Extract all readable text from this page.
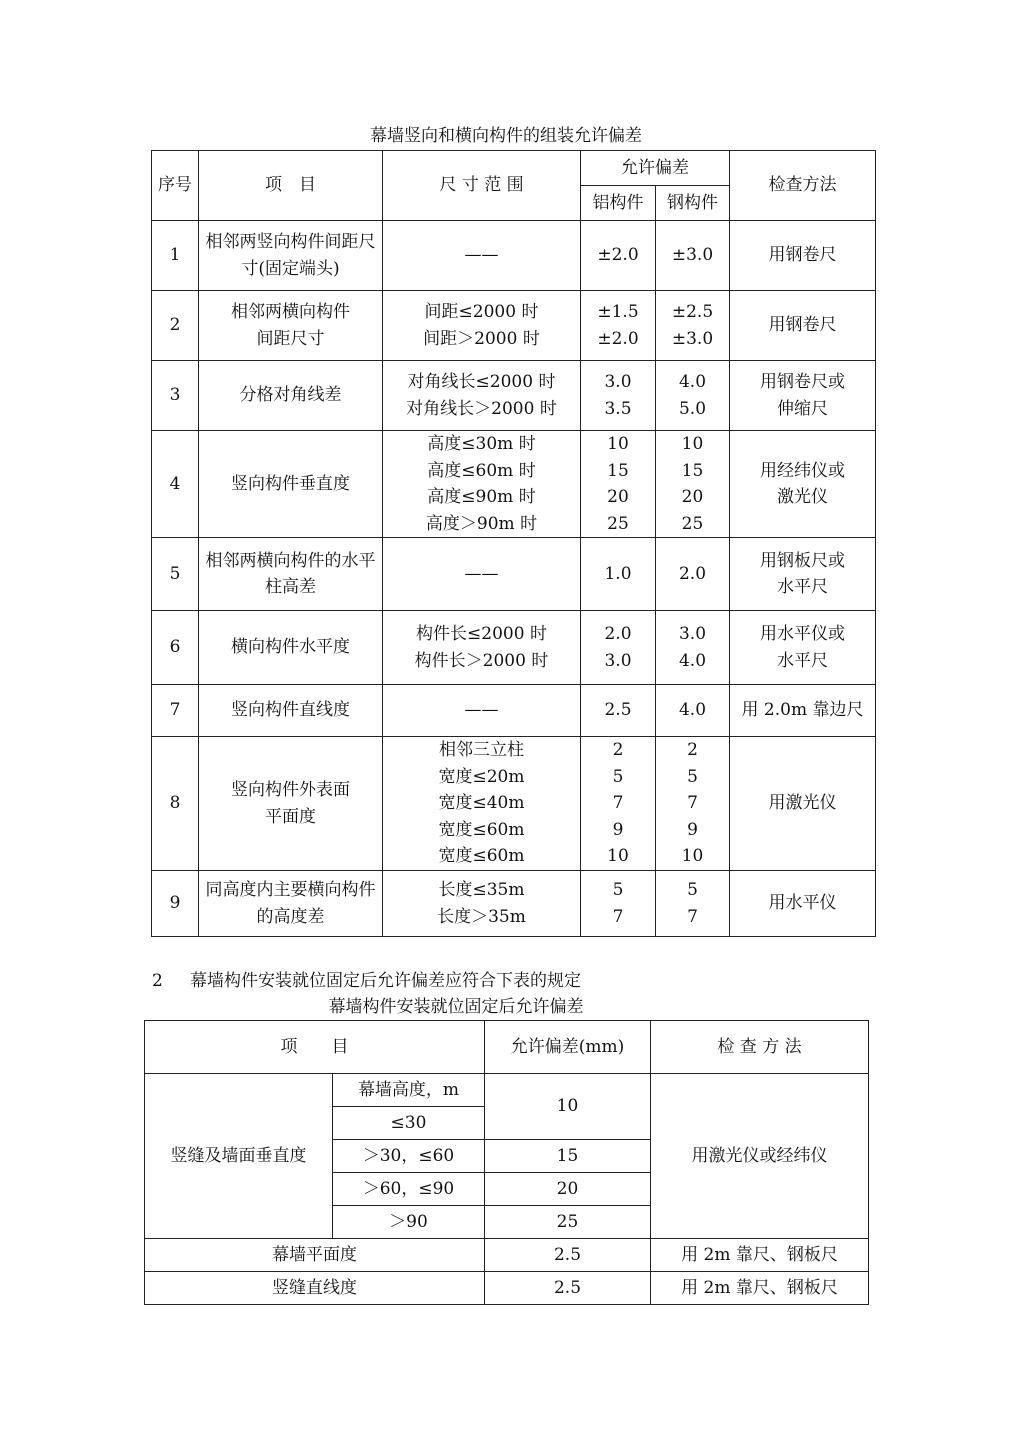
幕墙竖向和横向构件的组装允许偏差
序号	项　目	尺 寸 范 围	允许偏差		检查方法
			铝构件	钢构件	
1	相邻两竖向构件间距尺
寸(固定端头)	——	±2.0	±3.0	用钢卷尺

2	相邻两横向构件
间距尺寸	间距≤2000 时
间距＞2000 时	±1.5
±2.0	±2.5
±3.0	用钢卷尺

3	分格对角线差	对角线长≤2000 时
对角线长＞2000 时	3.0
3.5	4.0
5.0	用钢卷尺或
伸缩尺

4	竖向构件垂直度	高度≤30m 时
高度≤60m 时
高度≤90m 时
高度＞90m 时	10
15
20
25	10
15
20
25	用经纬仪或
激光仪

5	相邻两横向构件的水平
柱高差	——	1.0	2.0	用钢板尺或
水平尺

6	横向构件水平度	构件长≤2000 时
构件长＞2000 时	2.0
3.0	3.0
4.0	用水平仪或
水平尺

7	竖向构件直线度	——	2.5	4.0	用 2.0m 靠边尺

8	竖向构件外表面
平面度	相邻三立柱
宽度≤20m
宽度≤40m
宽度≤60m
宽度≤60m	2
5
7
9
10	2
5
7
9
10	用激光仪

9	同高度内主要横向构件
的高度差	长度≤35m
长度＞35m	5
7	5
7	用水平仪
2 幕墙构件安装就位固定后允许偏差应符合下表的规定
幕墙构件安装就位固定后允许偏差
项　　目		允许偏差(mm)	检 查 方 法
竖缝及墙面垂直度	幕墙高度，m	10	用激光仪或经纬仪
	≤30		
	＞30，≤60	15	
	＞60，≤90	20	
	＞90	25	
幕墙平面度		2.5	用 2m 靠尺、钢板尺
竖缝直线度		2.5	用 2m 靠尺、钢板尺
